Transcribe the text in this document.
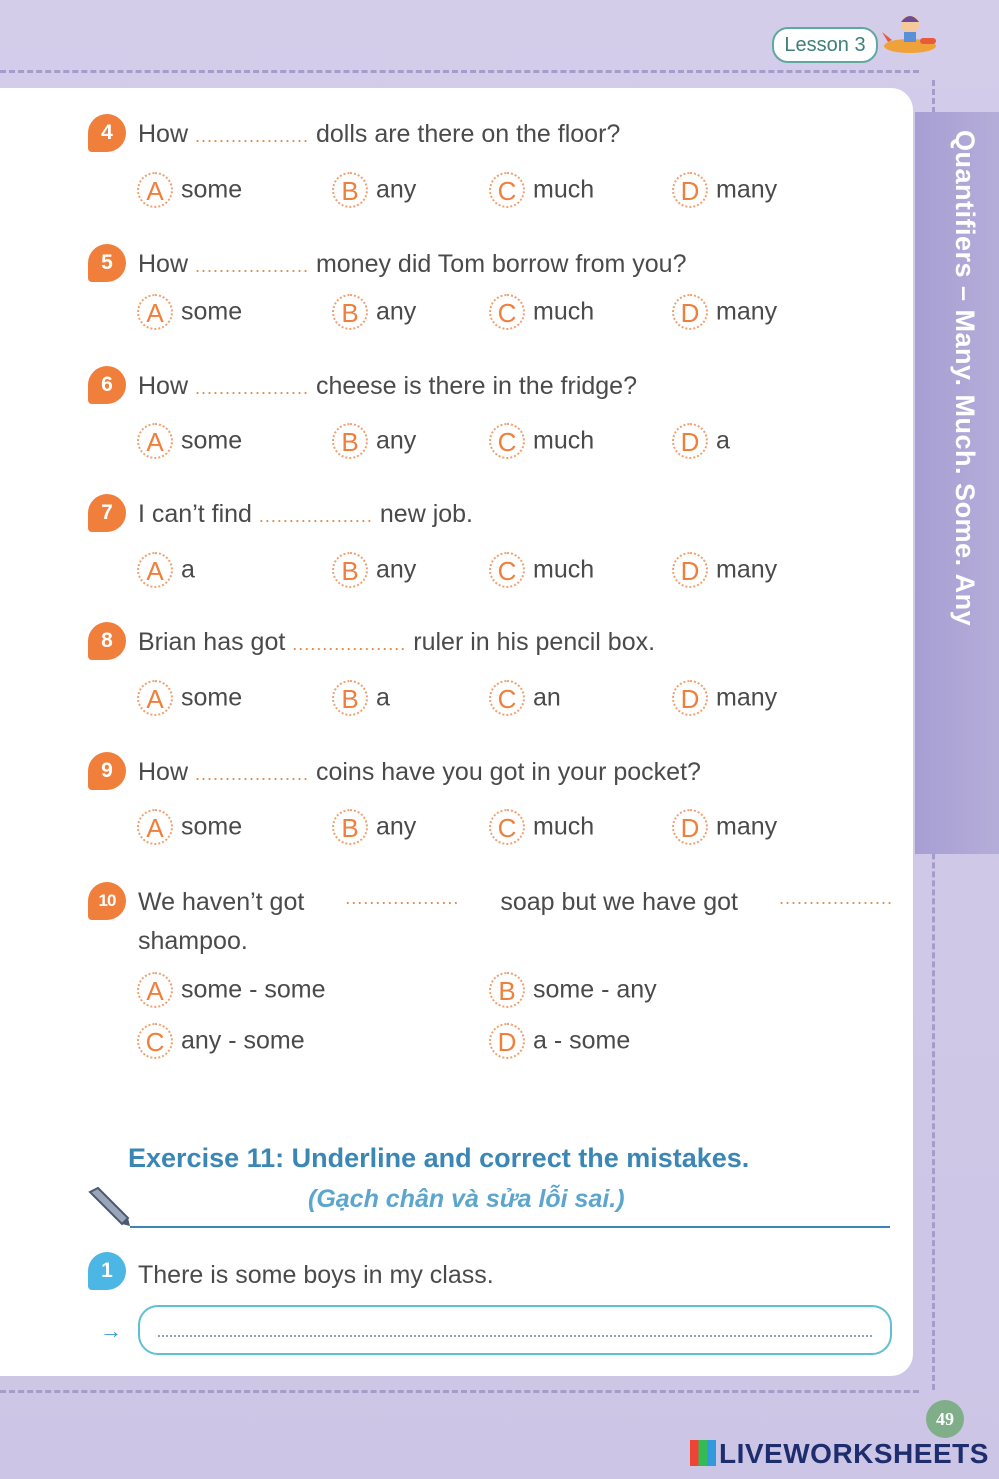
Lesson 3
Quantifiers – Many. Much. Some. Any
4	How ................... dolls are there on the floor?
A some	B any	C much	D many
5	How ................... money did Tom borrow from you?
A some	B any	C much	D many
6	How ................... cheese is there in the fridge?
A some	B any	C much	D a
7	I can’t find ................... new job.
A a	B any	C much	D many
8	Brian has got ................... ruler in his pencil box.
A some	B a	C an	D many
9	How ................... coins have you got in your pocket?
A some	B any	C much	D many
10 We haven’t got ................... soap but we have got ...................
shampoo.
A some - some	B some - any
C any - some	D a - some
Exercise 11: Underline and correct the mistakes.
(Gạch chân và sửa lỗi sai.)
1	There is some boys in my class.
→
49
LIVEWORKSHEETS
